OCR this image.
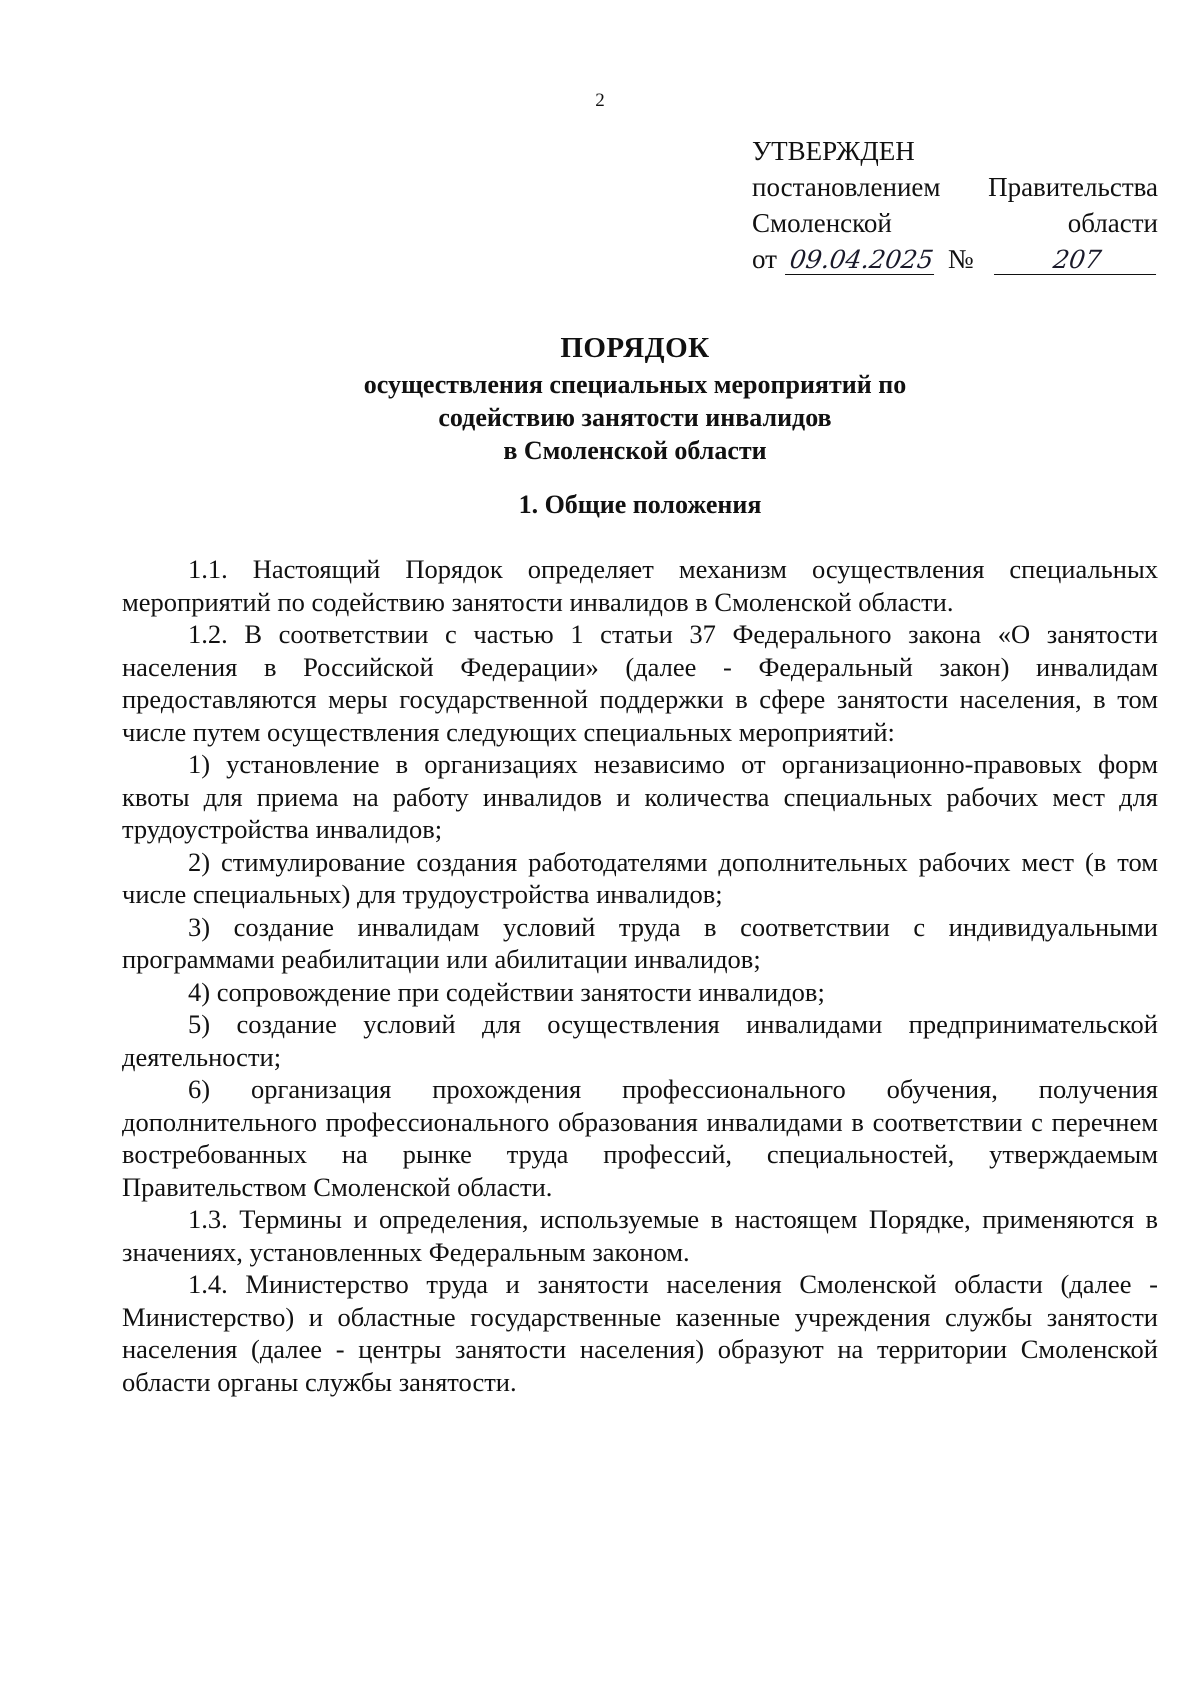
2
УТВЕРЖДЕН
постановлением Правительства
Смоленской	области
от 09.04.2025 №	207
ПОРЯДОК
осуществления специальных мероприятий по
содействию занятости инвалидов
в Смоленской области
1. Общие положения

1.1. Настоящий Порядок определяет механизм осуществления специальных мероприятий по содействию занятости инвалидов в Смоленской области.

1.2. В соответствии с частью 1 статьи 37 Федерального закона «О занятости населения в Российской Федерации» (далее - Федеральный закон) инвалидам предоставляются меры государственной поддержки в сфере занятости населения, в том числе путем осуществления следующих специальных мероприятий:

1) установление в организациях независимо от организационно-правовых форм квоты для приема на работу инвалидов и количества специальных рабочих мест для трудоустройства инвалидов;

2) стимулирование создания работодателями дополнительных рабочих мест (в том числе специальных) для трудоустройства инвалидов;

3) создание инвалидам условий труда в соответствии с индивидуальными программами реабилитации или абилитации инвалидов;

4) сопровождение при содействии занятости инвалидов;

5) создание условий для осуществления инвалидами предпринимательской деятельности;

6) организация прохождения профессионального обучения, получения дополнительного профессионального образования инвалидами в соответствии с перечнем востребованных на рынке труда профессий, специальностей, утверждаемым Правительством Смоленской области.

1.3. Термины и определения, используемые в настоящем Порядке, применяются в значениях, установленных Федеральным законом.

1.4. Министерство труда и занятости населения Смоленской области (далее - Министерство) и областные государственные казенные учреждения службы занятости населения (далее - центры занятости населения) образуют на территории Смоленской области органы службы занятости.
